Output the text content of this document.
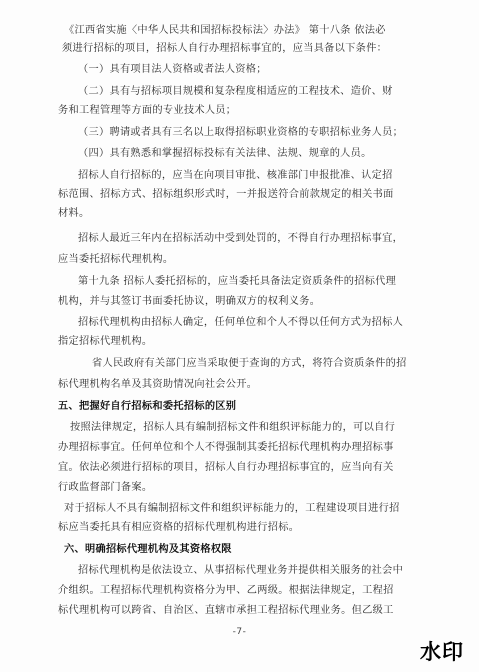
《江西省实施〈中华人民共和国招标投标法〉办法》 第十八条 依法必
须进行招标的项目，招标人自行办理招标事宜的，应当具备以下条件：
（一）具有项目法人资格或者法人资格；
（二）具有与招标项目规模和复杂程度相适应的工程技术、造价、财
务和工程管理等方面的专业技术人员；
（三）聘请或者具有三名以上取得招标职业资格的专职招标业务人员；
（四）具有熟悉和掌握招标投标有关法律、法规、规章的人员。
招标人自行招标的，应当在向项目审批、核准部门申报批准、认定招
标范围、招标方式、招标组织形式时，一并报送符合前款规定的相关书面
材料。
招标人最近三年内在招标活动中受到处罚的，不得自行办理招标事宜，
应当委托招标代理机构。
第十九条 招标人委托招标的，应当委托具备法定资质条件的招标代理
机构，并与其签订书面委托协议，明确双方的权利义务。
招标代理机构由招标人确定，任何单位和个人不得以任何方式为招标人
指定招标代理机构。
省人民政府有关部门应当采取便于查询的方式，将符合资质条件的招
标代理机构名单及其资助情况向社会公开。
五、把握好自行招标和委托招标的区别
按照法律规定，招标人具有编制招标文件和组织评标能力的，可以自行
办理招标事宜。任何单位和个人不得强制其委托招标代理机构办理招标事
宜。依法必须进行招标的项目，招标人自行办理招标事宜的，应当向有关
行政监督部门备案。
对于招标人不具有编制招标文件和组织评标能力的，工程建设项目进行招
标应当委托具有相应资格的招标代理机构进行招标。
六、明确招标代理机构及其资格权限
招标代理机构是依法设立、从事招标代理业务并提供相关服务的社会中
介组织。工程招标代理机构资格分为甲、乙两级。根据法律规定，工程招
标代理机构可以跨省、自治区、直辖市承担工程招标代理业务。但乙级工
-7-
水印
